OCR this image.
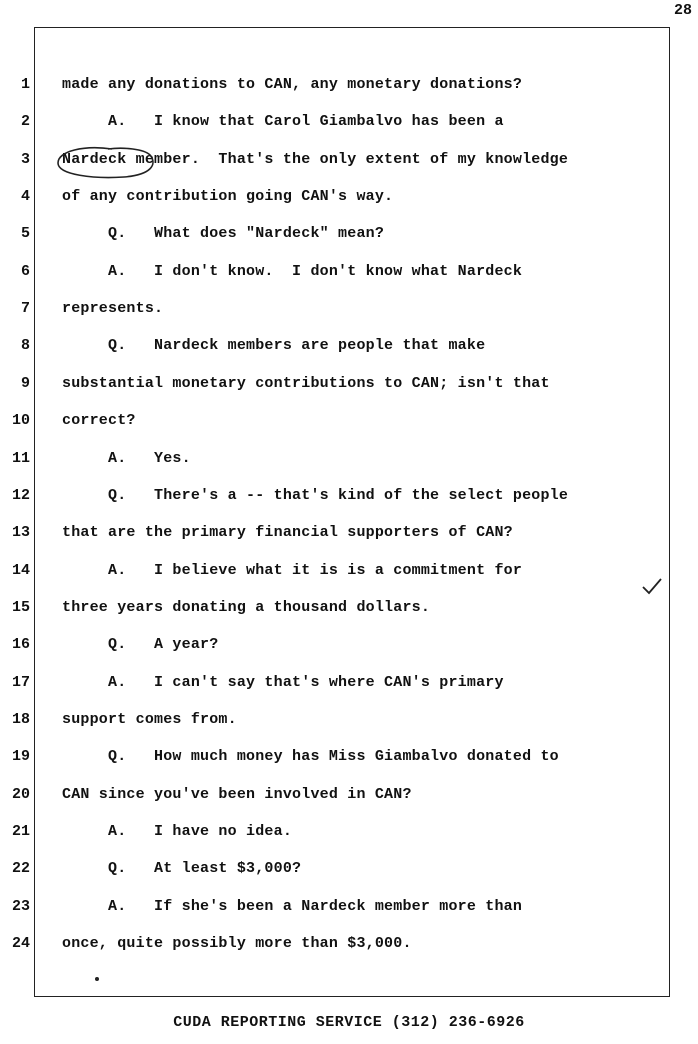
28
1 made any donations to CAN, any monetary donations?
2 A.   I know that Carol Giambalvo has been a
3 Nardeck member.  That's the only extent of my knowledge
4 of any contribution going CAN's way.
5 Q.   What does "Nardeck" mean?
6 A.   I don't know.  I don't know what Nardeck
7 represents.
8 Q.   Nardeck members are people that make
9 substantial monetary contributions to CAN; isn't that
10 correct?
11 A.   Yes.
12 Q.   There's a -- that's kind of the select people
13 that are the primary financial supporters of CAN?
14 A.   I believe what it is is a commitment for
15 three years donating a thousand dollars.
16 Q.   A year?
17 A.   I can't say that's where CAN's primary
18 support comes from.
19 Q.   How much money has Miss Giambalvo donated to
20 CAN since you've been involved in CAN?
21 A.   I have no idea.
22 Q.   At least $3,000?
23 A.   If she's been a Nardeck member more than
24 once, quite possibly more than $3,000.
CUDA REPORTING SERVICE (312) 236-6926
